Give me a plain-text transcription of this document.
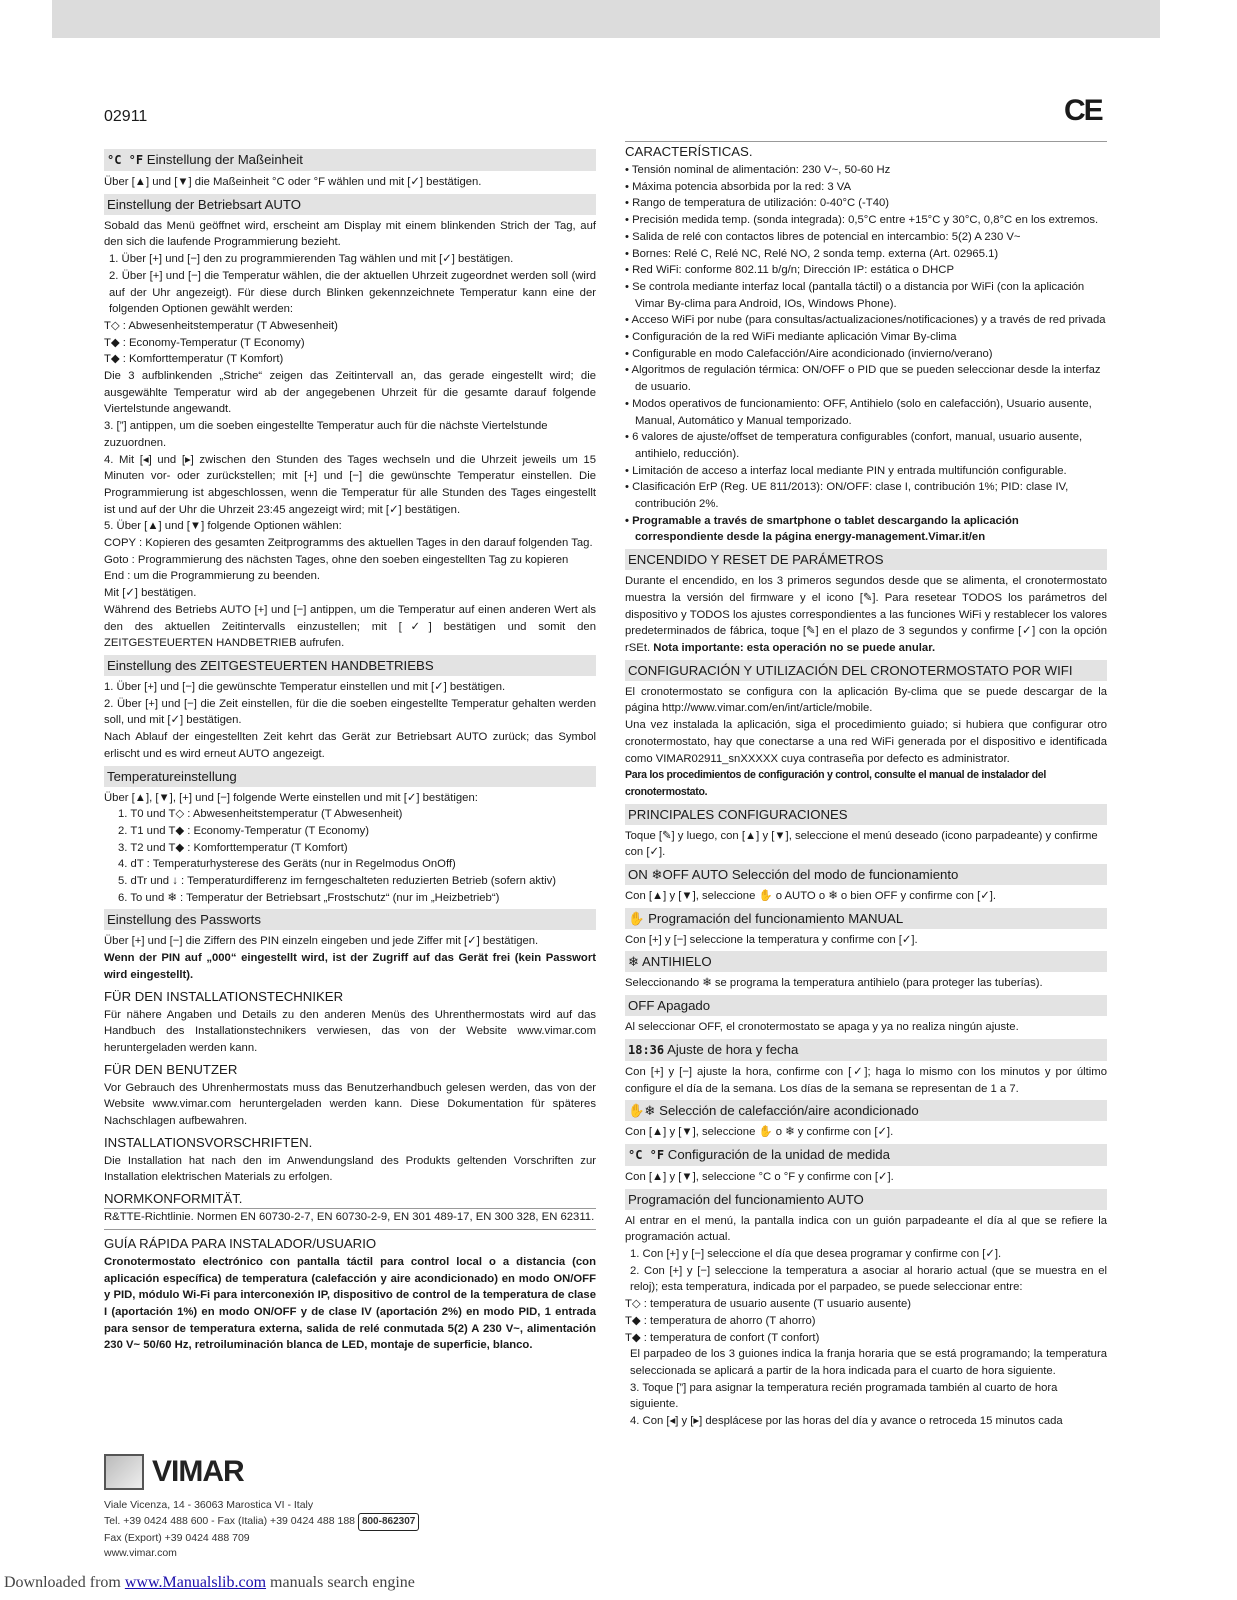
02911	CE
°C °F Einstellung der Maßeinheit

Über [▲] und [▼] die Maßeinheit °C oder °F wählen und mit [✓] bestätigen.

Einstellung der Betriebsart AUTO

Sobald das Menü geöffnet wird, erscheint am Display mit einem blinkenden Strich der Tag, auf den sich die laufende Programmierung bezieht.

1. Über [+] und [−] den zu programmierenden Tag wählen und mit [✓] bestätigen.

2. Über [+] und [−] die Temperatur wählen, die der aktuellen Uhrzeit zugeordnet werden soll (wird auf der Uhr angezeigt). Für diese durch Blinken gekennzeichnete Temperatur kann eine der folgenden Optionen gewählt werden:

T◇ : Abwesenheitstemperatur (T Abwesenheit)

T◆ : Economy-Temperatur (T Economy)

T◆ : Komforttemperatur (T Komfort)

Die 3 aufblinkenden „Striche“ zeigen das Zeitintervall an, das gerade eingestellt wird; die ausgewählte Temperatur wird ab der angegebenen Uhrzeit für die gesamte darauf folgende Viertelstunde angewandt.

3. [”] antippen, um die soeben eingestellte Temperatur auch für die nächste Viertelstunde zuzuordnen.

4. Mit [◂] und [▸] zwischen den Stunden des Tages wechseln und die Uhrzeit jeweils um 15 Minuten vor- oder zurückstellen; mit [+] und [−] die gewünschte Temperatur einstellen. Die Programmierung ist abgeschlossen, wenn die Temperatur für alle Stunden des Tages eingestellt ist und auf der Uhr die Uhrzeit 23:45 angezeigt wird; mit [✓] bestätigen.

5. Über [▲] und [▼] folgende Optionen wählen:

COPY : Kopieren des gesamten Zeitprogramms des aktuellen Tages in den darauf folgenden Tag.

Goto : Programmierung des nächsten Tages, ohne den soeben eingestellten Tag zu kopieren

End : um die Programmierung zu beenden.

Mit [✓] bestätigen.

Während des Betriebs AUTO [+] und [−] antippen, um die Temperatur auf einen anderen Wert als den des aktuellen Zeitintervalls einzustellen; mit [✓] bestätigen und somit den ZEITGESTEUERTEN HANDBETRIEB aufrufen.

Einstellung des ZEITGESTEUERTEN HANDBETRIEBS

1. Über [+] und [−] die gewünschte Temperatur einstellen und mit [✓] bestätigen.

2. Über [+] und [−] die Zeit einstellen, für die die soeben eingestellte Temperatur gehalten werden soll, und mit [✓] bestätigen.

Nach Ablauf der eingestellten Zeit kehrt das Gerät zur Betriebsart AUTO zurück; das Symbol erlischt und es wird erneut AUTO angezeigt.

Temperatureinstellung

Über [▲], [▼], [+] und [−] folgende Werte einstellen und mit [✓] bestätigen:

1. T0 und T◇ : Abwesenheitstemperatur (T Abwesenheit)

2. T1 und T◆ : Economy-Temperatur (T Economy)

3. T2 und T◆ : Komforttemperatur (T Komfort)

4. dT : Temperaturhysterese des Geräts (nur in Regelmodus OnOff)

5. dTr und ↓ : Temperaturdifferenz im ferngeschalteten reduzierten Betrieb (sofern aktiv)

6. To und ❄ : Temperatur der Betriebsart „Frostschutz“ (nur im „Heizbetrieb“)

Einstellung des Passworts

Über [+] und [−] die Ziffern des PIN einzeln eingeben und jede Ziffer mit [✓] bestätigen.

Wenn der PIN auf „000“ eingestellt wird, ist der Zugriff auf das Gerät frei (kein Passwort wird eingestellt).

FÜR DEN INSTALLATIONSTECHNIKER

Für nähere Angaben und Details zu den anderen Menüs des Uhrenthermostats wird auf das Handbuch des Installationstechnikers verwiesen, das von der Website www.vimar.com heruntergeladen werden kann.

FÜR DEN BENUTZER

Vor Gebrauch des Uhrenhermostats muss das Benutzerhandbuch gelesen werden, das von der Website www.vimar.com heruntergeladen werden kann. Diese Dokumentation für späteres Nachschlagen aufbewahren.

INSTALLATIONSVORSCHRIFTEN.

Die Installation hat nach den im Anwendungsland des Produkts geltenden Vorschriften zur Installation elektrischen Materials zu erfolgen.

NORMKONFORMITÄT.

R&TTE-Richtlinie. Normen EN 60730-2-7, EN 60730-2-9, EN 301 489-17, EN 300 328, EN 62311.

GUÍA RÁPIDA PARA INSTALADOR/USUARIO

Cronotermostato electrónico con pantalla táctil para control local o a distancia (con aplicación específica) de temperatura (calefacción y aire acondicionado) en modo ON/OFF y PID, módulo Wi-Fi para interconexión IP, dispositivo de control de la temperatura de clase I (aportación 1%) en modo ON/OFF y de clase IV (aportación 2%) en modo PID, 1 entrada para sensor de temperatura externa, salida de relé conmutada 5(2) A 230 V~, alimentación 230 V~ 50/60 Hz, retroiluminación blanca de LED, montaje de superficie, blanco.

CARACTERÍSTICAS.
• Tensión nominal de alimentación: 230 V~, 50-60 Hz
• Máxima potencia absorbida por la red: 3 VA
• Rango de temperatura de utilización: 0-40°C (-T40)
• Precisión medida temp. (sonda integrada): 0,5°C entre +15°C y 30°C, 0,8°C en los extremos.
• Salida de relé con contactos libres de potencial en intercambio: 5(2) A 230 V~
• Bornes: Relé C, Relé NC, Relé NO, 2 sonda temp. externa (Art. 02965.1)
• Red WiFi: conforme 802.11 b/g/n; Dirección IP: estática o DHCP
• Se controla mediante interfaz local (pantalla táctil) o a distancia por WiFi (con la aplicación Vimar By-clima para Android, IOs, Windows Phone).
• Acceso WiFi por nube (para consultas/actualizaciones/notificaciones) y a través de red privada
• Configuración de la red WiFi mediante aplicación Vimar By-clima
• Configurable en modo Calefacción/Aire acondicionado (invierno/verano)
• Algoritmos de regulación térmica: ON/OFF o PID que se pueden seleccionar desde la interfaz de usuario.
• Modos operativos de funcionamiento: OFF, Antihielo (solo en calefacción), Usuario ausente, Manual, Automático y Manual temporizado.
• 6 valores de ajuste/offset de temperatura configurables (confort, manual, usuario ausente, antihielo, reducción).
• Limitación de acceso a interfaz local mediante PIN y entrada multifunción configurable.
• Clasificación ErP (Reg. UE 811/2013): ON/OFF: clase I, contribución 1%; PID: clase IV, contribución 2%.

• Programable a través de smartphone o tablet descargando la aplicación correspondiente desde la página energy-management.Vimar.it/en

ENCENDIDO Y RESET DE PARÁMETROS

Durante el encendido, en los 3 primeros segundos desde que se alimenta, el cronotermostato muestra la versión del firmware y el icono [✎]. Para resetear TODOS los parámetros del dispositivo y TODOS los ajustes correspondientes a las funciones WiFi y restablecer los valores predeterminados de fábrica, toque [✎] en el plazo de 3 segundos y confirme [✓] con la opción rSEt. Nota importante: esta operación no se puede anular.

CONFIGURACIÓN Y UTILIZACIÓN DEL CRONOTERMOSTATO POR WIFI

El cronotermostato se configura con la aplicación By-clima que se puede descargar de la página http://www.vimar.com/en/int/article/mobile.

Una vez instalada la aplicación, siga el procedimiento guiado; si hubiera que configurar otro cronotermostato, hay que conectarse a una red WiFi generada por el dispositivo e identificada como VIMAR02911_snXXXXX cuya contraseña por defecto es administrator.

Para los procedimientos de configuración y control, consulte el manual de instalador del cronotermostato.

PRINCIPALES CONFIGURACIONES

Toque [✎] y luego, con [▲] y [▼], seleccione el menú deseado (icono parpadeante) y confirme con [✓].

ON ❄OFF AUTO Selección del modo de funcionamiento

Con [▲] y [▼], seleccione ✋ o AUTO o ❄ o bien OFF y confirme con [✓].

✋ Programación del funcionamiento MANUAL

Con [+] y [−] seleccione la temperatura y confirme con [✓].

❄ ANTIHIELO

Seleccionando ❄ se programa la temperatura antihielo (para proteger las tuberías).

OFF Apagado

Al seleccionar OFF, el cronotermostato se apaga y ya no realiza ningún ajuste.

18:36 Ajuste de hora y fecha

Con [+] y [−] ajuste la hora, confirme con [✓]; haga lo mismo con los minutos y por último configure el día de la semana. Los días de la semana se representan de 1 a 7.

✋❄ Selección de calefacción/aire acondicionado

Con [▲] y [▼], seleccione ✋ o ❄ y confirme con [✓].

°C °F Configuración de la unidad de medida

Con [▲] y [▼], seleccione °C o °F y confirme con [✓].

Programación del funcionamiento AUTO

Al entrar en el menú, la pantalla indica con un guión parpadeante el día al que se refiere la programación actual.

1. Con [+] y [−] seleccione el día que desea programar y confirme con [✓].

2. Con [+] y [−] seleccione la temperatura a asociar al horario actual (que se muestra en el reloj); esta temperatura, indicada por el parpadeo, se puede seleccionar entre:

T◇ : temperatura de usuario ausente (T usuario ausente)

T◆ : temperatura de ahorro (T ahorro)

T◆ : temperatura de confort (T confort)

El parpadeo de los 3 guiones indica la franja horaria que se está programando; la temperatura seleccionada se aplicará a partir de la hora indicada para el cuarto de hora siguiente.

3. Toque [”] para asignar la temperatura recién programada también al cuarto de hora siguiente.

4. Con [◂] y [▸] desplácese por las horas del día y avance o retroceda 15 minutos cada

VIMAR
Viale Vicenza, 14 - 36063 Marostica VI - Italy
Tel. +39 0424 488 600 - Fax (Italia) +39 0424 488 188 800-862307
Fax (Export) +39 0424 488 709
www.vimar.com
Downloaded from www.Manualslib.com manuals search engine
